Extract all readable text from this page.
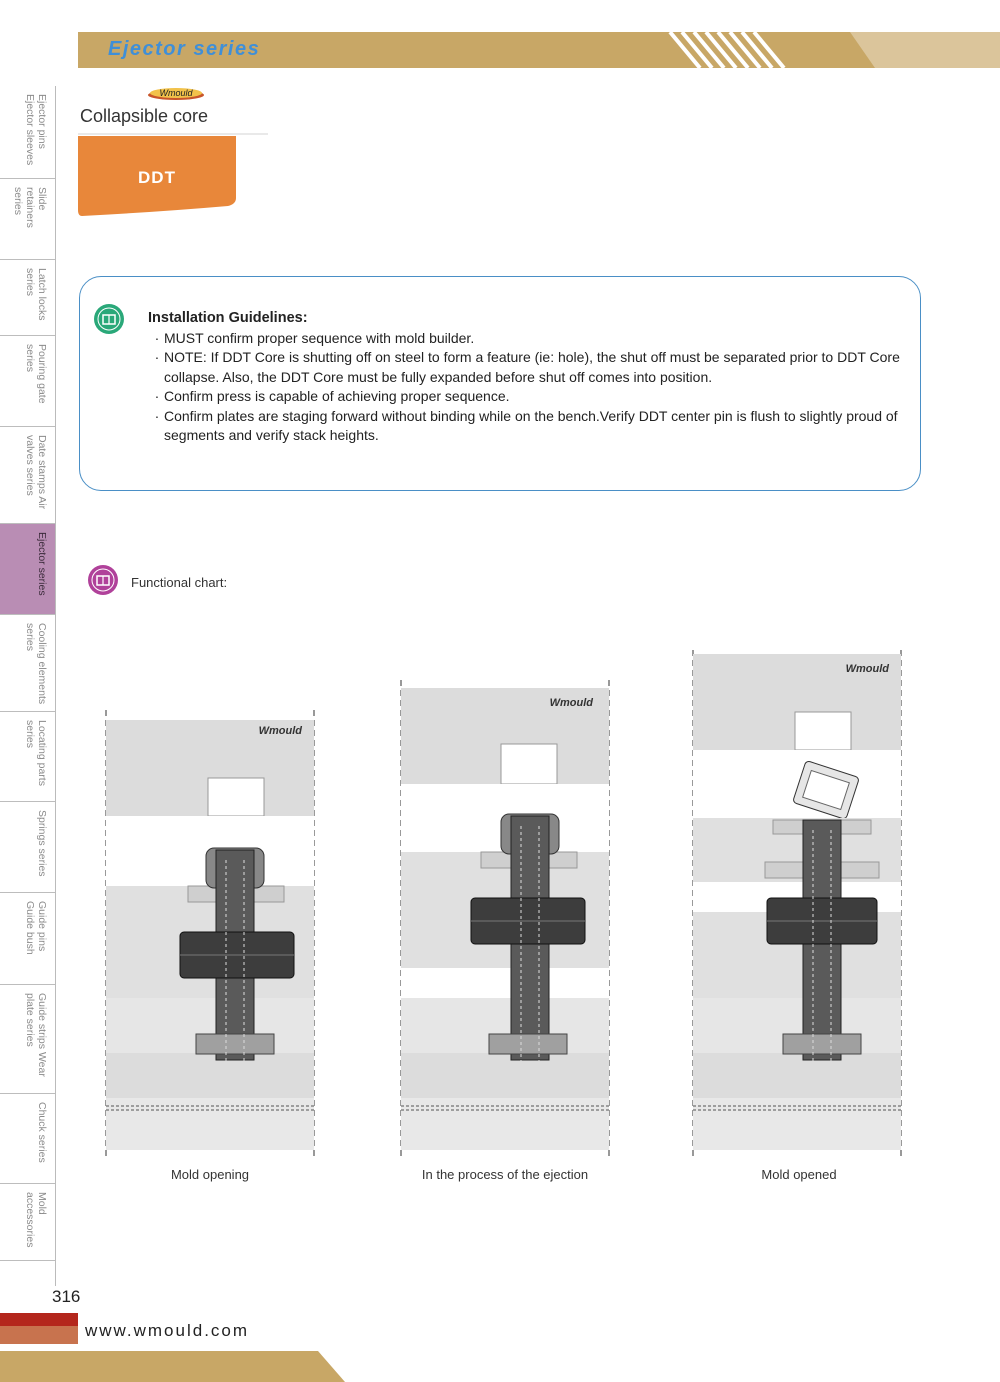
Ejector series
Ejector pins Ejector sleeves
Slide retainers series
Latch locks series
Pouring gate series
Date stamps Air valves series
Ejector series
Cooling elements series
Locating parts series
Springs series
Guide pins Guide bush
Guide strips Wear plate series
Chuck series
Mold accessories
Wmould
Collapsible core
DDT
Installation Guidelines:
· MUST confirm proper sequence with mold builder.
· NOTE: If DDT Core is shutting off on steel to form a feature (ie: hole), the shut off must be separated prior to DDT Core collapse. Also, the DDT Core must be fully expanded before shut off comes into position.
· Confirm press is capable of achieving proper sequence.
· Confirm plates are staging forward without binding while on the bench.Verify DDT center pin is flush to slightly proud of segments and verify stack heights.
Functional chart:
Wmould
Mold opening
Wmould
In the process of the ejection
Wmould
Mold opened
316
www.wmould.com
